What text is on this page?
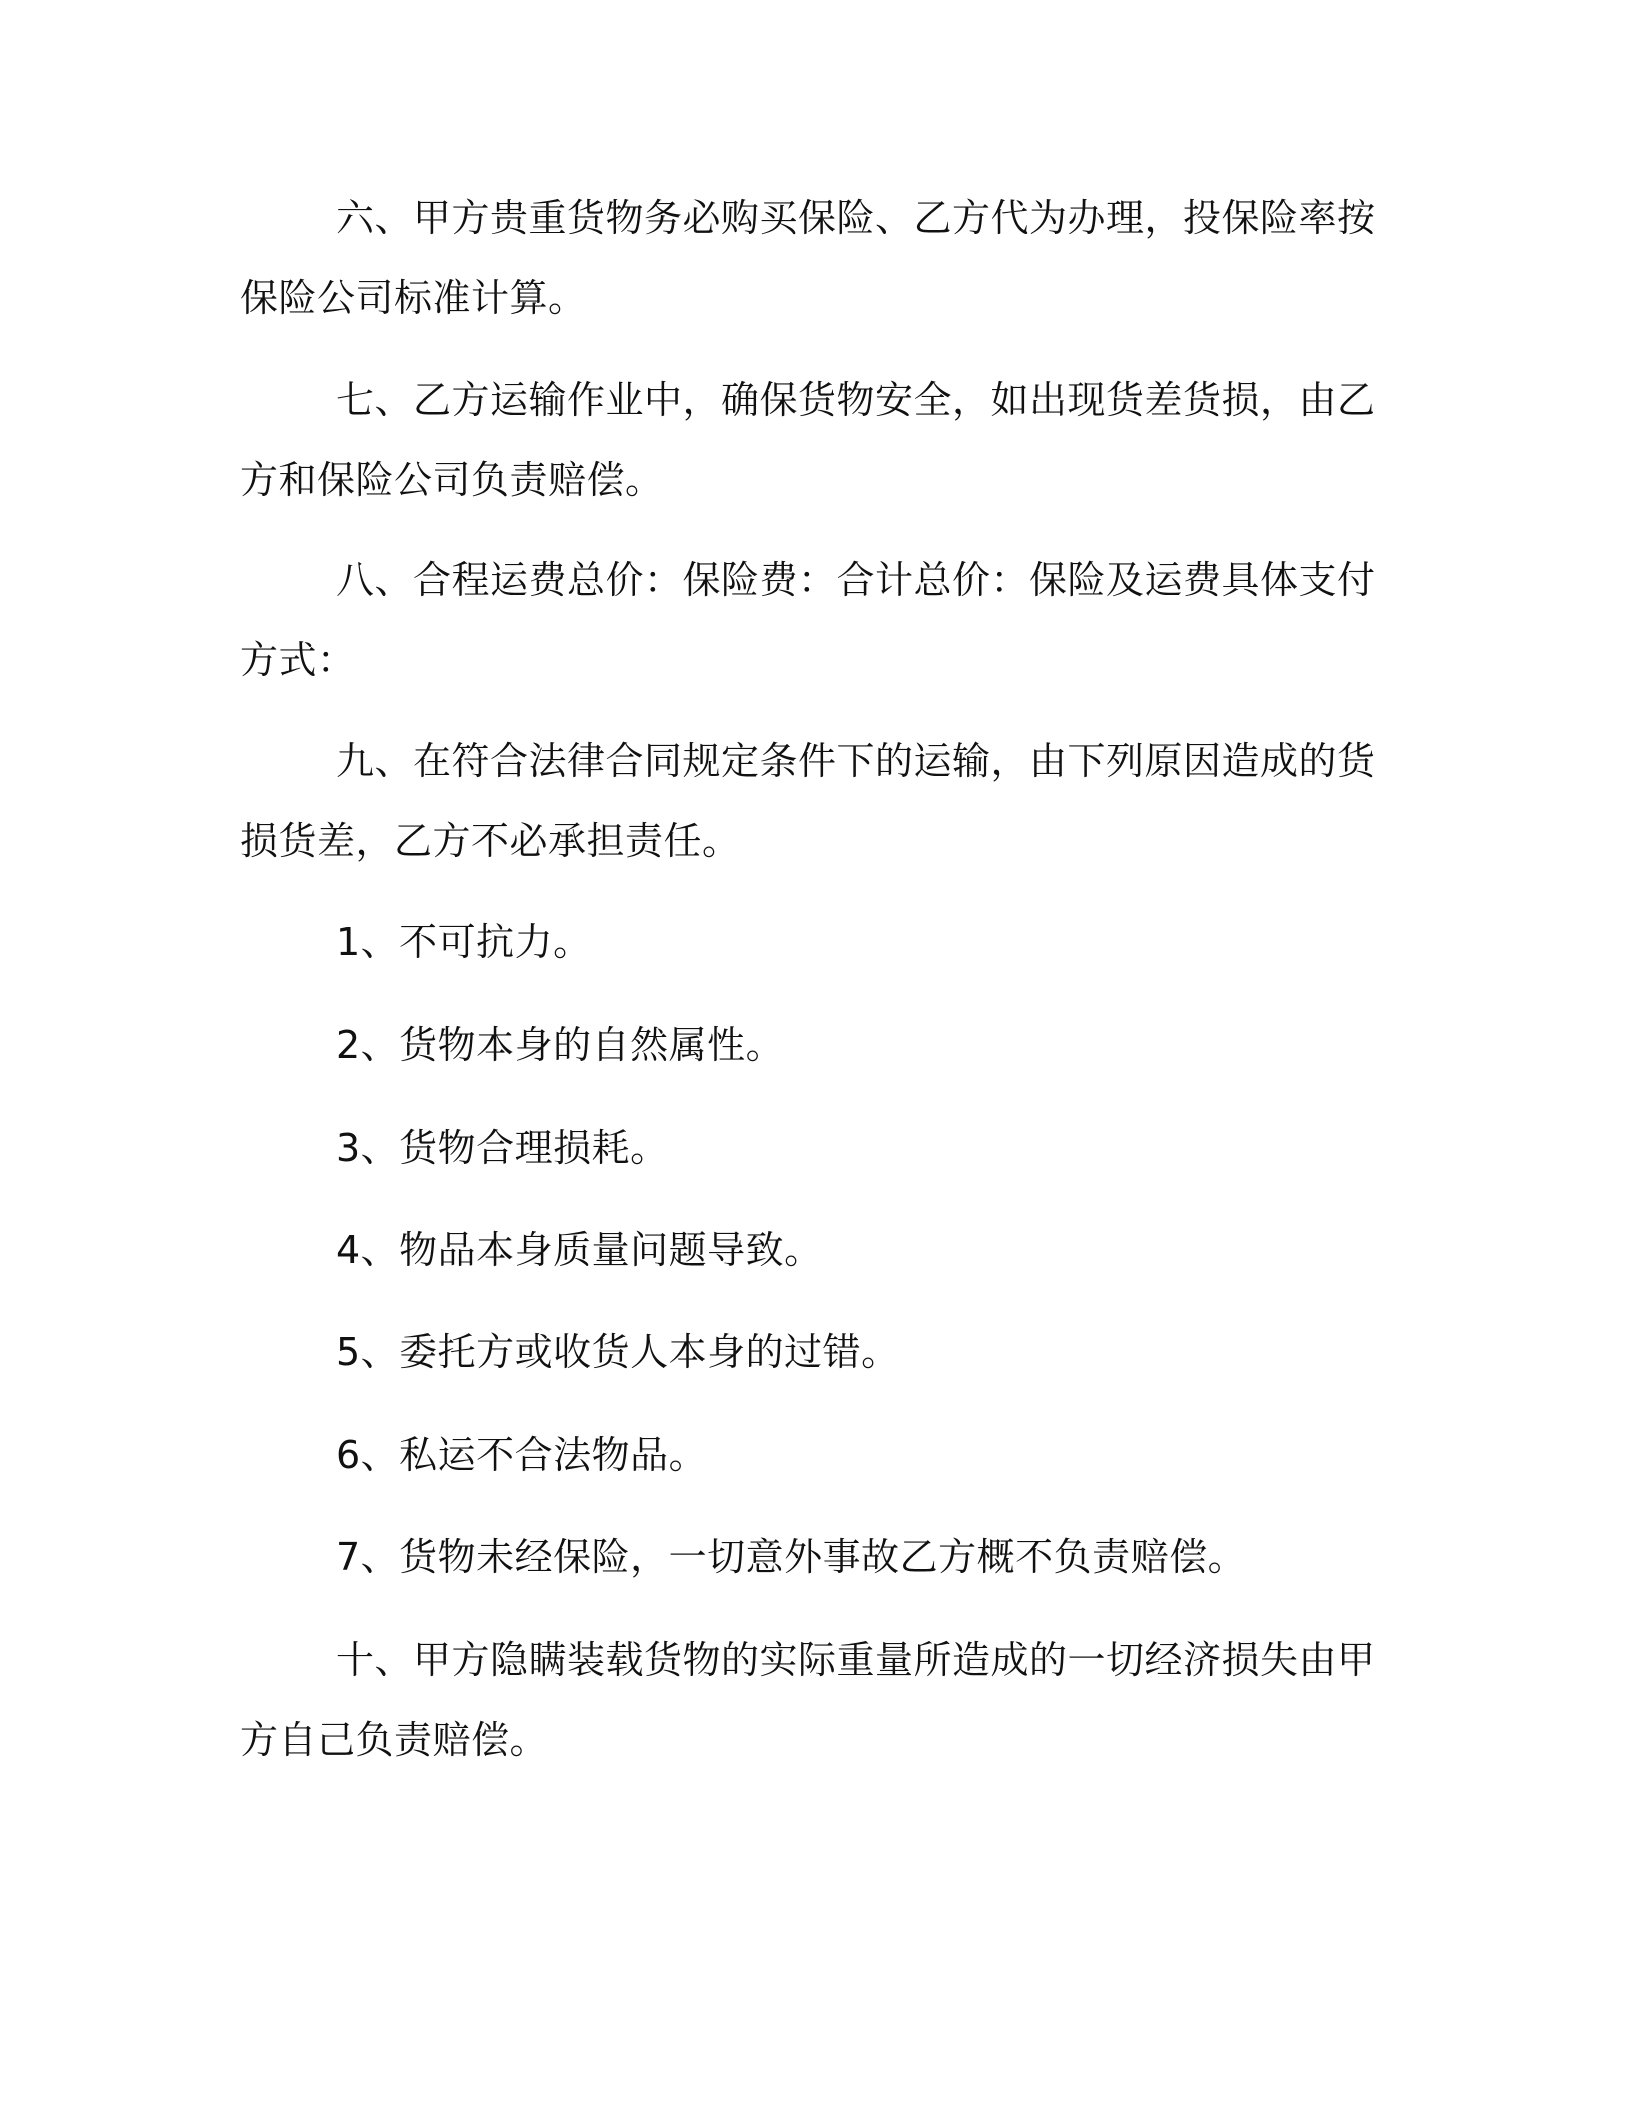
六、甲方贵重货物务必购买保险、乙方代为办理，投保险率按保险公司标准计算。

七、乙方运输作业中，确保货物安全，如出现货差货损，由乙方和保险公司负责赔偿。

八、合程运费总价：保险费：合计总价：保险及运费具体支付方式：

九、在符合法律合同规定条件下的运输，由下列原因造成的货损货差，乙方不必承担责任。

1、不可抗力。

2、货物本身的自然属性。

3、货物合理损耗。

4、物品本身质量问题导致。

5、委托方或收货人本身的过错。

6、私运不合法物品。

7、货物未经保险，一切意外事故乙方概不负责赔偿。

十、甲方隐瞒装载货物的实际重量所造成的一切经济损失由甲方自己负责赔偿。
